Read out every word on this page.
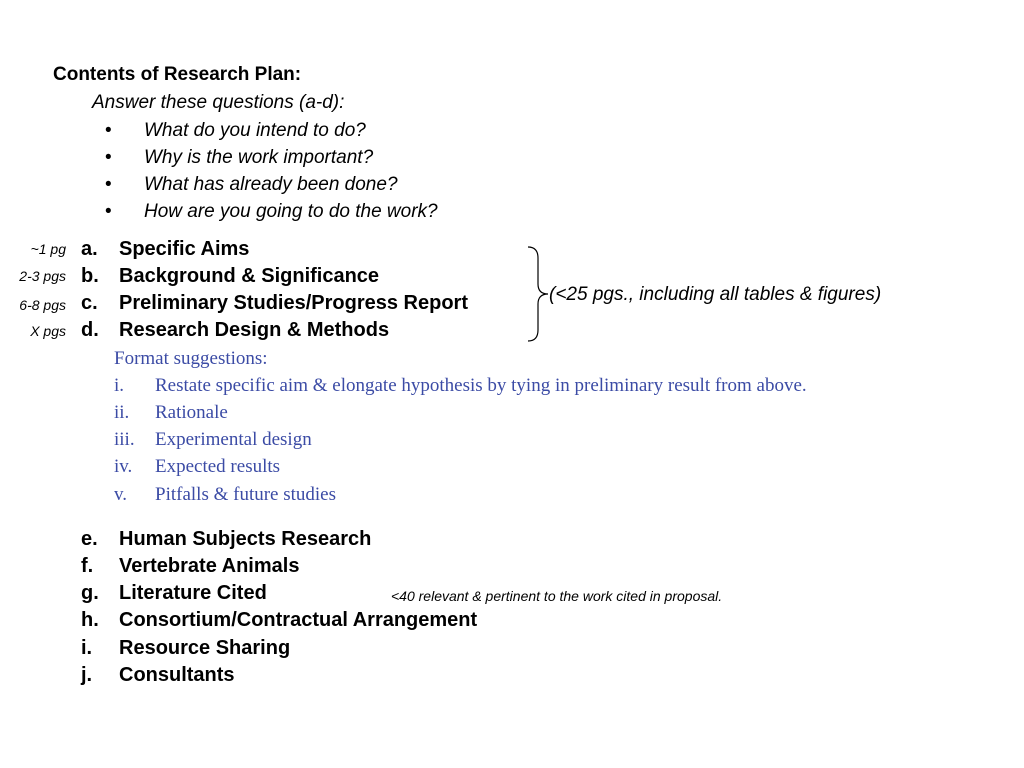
Contents of Research Plan:
Answer these questions (a-d):
• What do you intend to do?
• Why is the work important?
• What has already been done?
• How are you going to do the work?
~1 pg
2-3 pgs
6-8 pgs
X pgs
a. Specific Aims
b. Background & Significance
c. Preliminary Studies/Progress Report
d. Research Design & Methods
(<25 pgs., including all tables & figures)
Format suggestions:
i. Restate specific aim & elongate hypothesis by tying in preliminary result from above.
ii. Rationale
iii. Experimental design
iv. Expected results
v. Pitfalls & future studies
e. Human Subjects Research
f. Vertebrate Animals
g. Literature Cited	<40 relevant & pertinent to the work cited in proposal.
h. Consortium/Contractual Arrangement
i. Resource Sharing
j. Consultants
